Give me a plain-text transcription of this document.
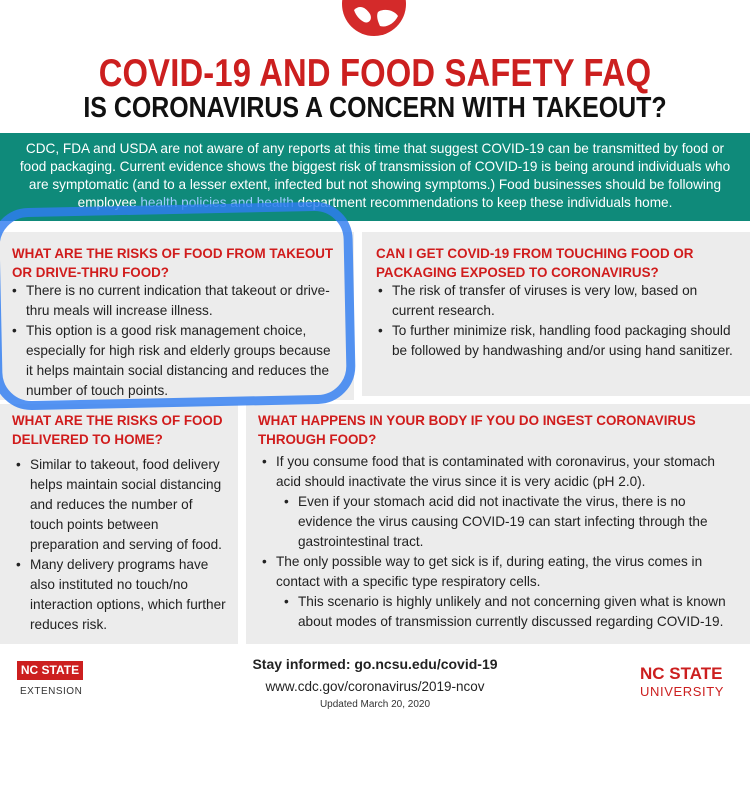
COVID-19 AND FOOD SAFETY FAQ
IS CORONAVIRUS A CONCERN WITH TAKEOUT?
CDC, FDA and USDA are not aware of any reports at this time that suggest COVID-19 can be transmitted by food or food packaging. Current evidence shows the biggest risk of transmission of COVID-19 is being around individuals who are symptomatic (and to a lesser extent, infected but not showing symptoms.) Food businesses should be following employee health policies and health department recommendations to keep these individuals home.
WHAT ARE THE RISKS OF FOOD FROM TAKEOUT OR DRIVE-THRU FOOD?
• There is no current indication that takeout or drive-thru meals will increase illness.
• This option is a good risk management choice, especially for high risk and elderly groups because it helps maintain social distancing and reduces the number of touch points.
CAN I GET COVID-19 FROM TOUCHING FOOD OR PACKAGING EXPOSED TO CORONAVIRUS?
• The risk of transfer of viruses is very low, based on current research.
• To further minimize risk, handling food packaging should be followed by handwashing and/or using hand sanitizer.
WHAT ARE THE RISKS OF FOOD DELIVERED TO HOME?
• Similar to takeout, food delivery helps maintain social distancing and reduces the number of touch points between preparation and serving of food.
• Many delivery programs have also instituted no touch/no interaction options, which further reduces risk.
WHAT HAPPENS IN YOUR BODY IF YOU DO INGEST CORONAVIRUS THROUGH FOOD?
• If you consume food that is contaminated with coronavirus, your stomach acid should inactivate the virus since it is very acidic (pH 2.0).
• Even if your stomach acid did not inactivate the virus, there is no evidence the virus causing COVID-19 can start infecting through the gastrointestinal tract.
• The only possible way to get sick is if, during eating, the virus comes in contact with a specific type respiratory cells.
• This scenario is highly unlikely and not concerning given what is known about modes of transmission currently discussed regarding COVID-19.
NC STATE
EXTENSION
Stay informed: go.ncsu.edu/covid-19
www.cdc.gov/coronavirus/2019-ncov
Updated March 20, 2020
NC STATE
UNIVERSITY
